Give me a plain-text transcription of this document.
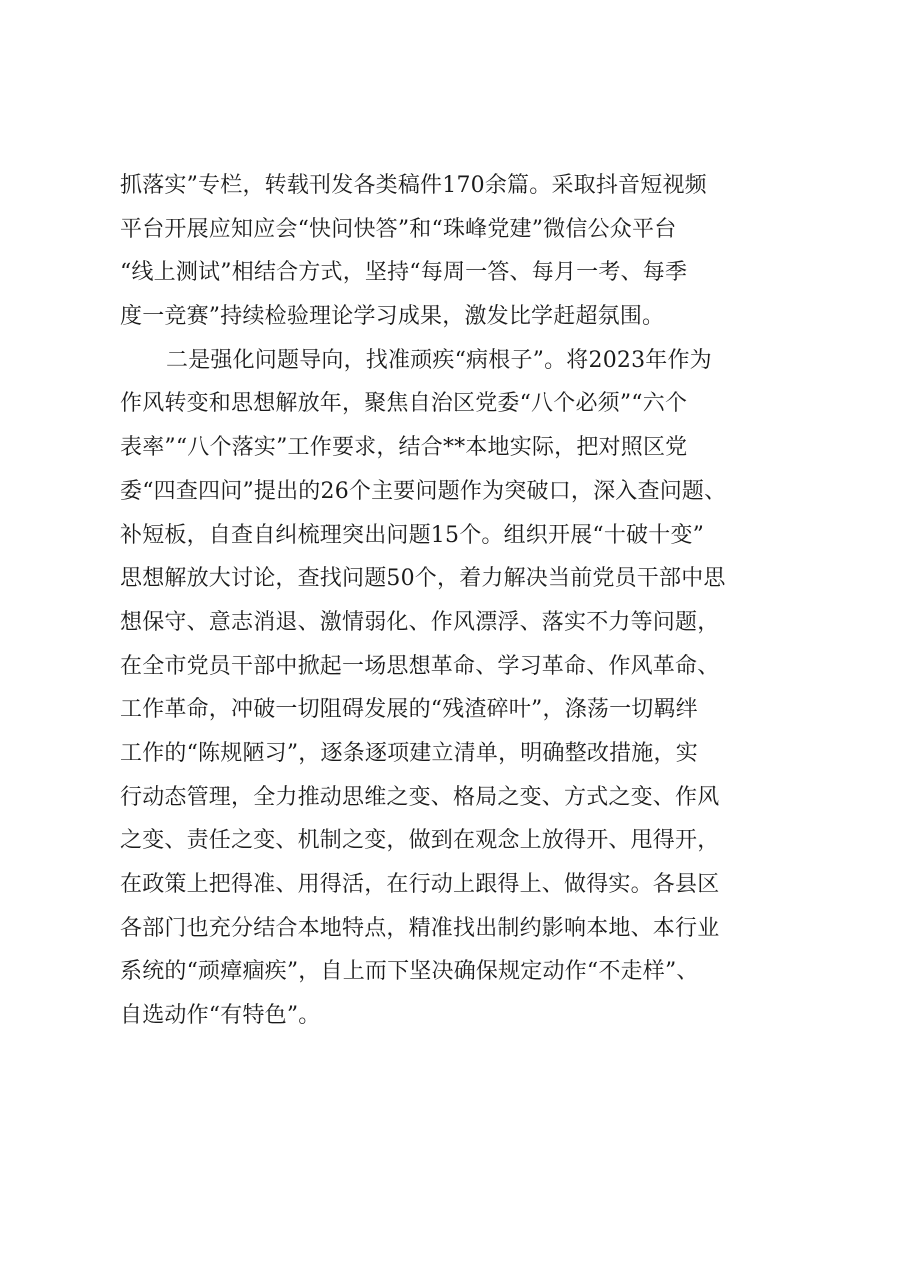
抓落实”专栏，转载刊发各类稿件170余篇。采取抖音短视频
平台开展应知应会“快问快答”和“珠峰党建”微信公众平台
“线上测试”相结合方式，坚持“每周一答、每月一考、每季
度一竞赛”持续检验理论学习成果，激发比学赶超氛围。
二是强化问题导向，找准顽疾“病根子”。将2023年作为
作风转变和思想解放年，聚焦自治区党委“八个必须”“六个
表率”“八个落实”工作要求，结合**本地实际，把对照区党
委“四查四问”提出的26个主要问题作为突破口，深入查问题、
补短板，自查自纠梳理突出问题15个。组织开展“十破十变”
思想解放大讨论，查找问题50个，着力解决当前党员干部中思
想保守、意志消退、激情弱化、作风漂浮、落实不力等问题，
在全市党员干部中掀起一场思想革命、学习革命、作风革命、
工作革命，冲破一切阻碍发展的“残渣碎叶”，涤荡一切羁绊
工作的“陈规陋习”，逐条逐项建立清单，明确整改措施，实
行动态管理，全力推动思维之变、格局之变、方式之变、作风
之变、责任之变、机制之变，做到在观念上放得开、甩得开，
在政策上把得准、用得活，在行动上跟得上、做得实。各县区
各部门也充分结合本地特点，精准找出制约影响本地、本行业
系统的“顽瘴痼疾”，自上而下坚决确保规定动作“不走样”、
自选动作“有特色”。
